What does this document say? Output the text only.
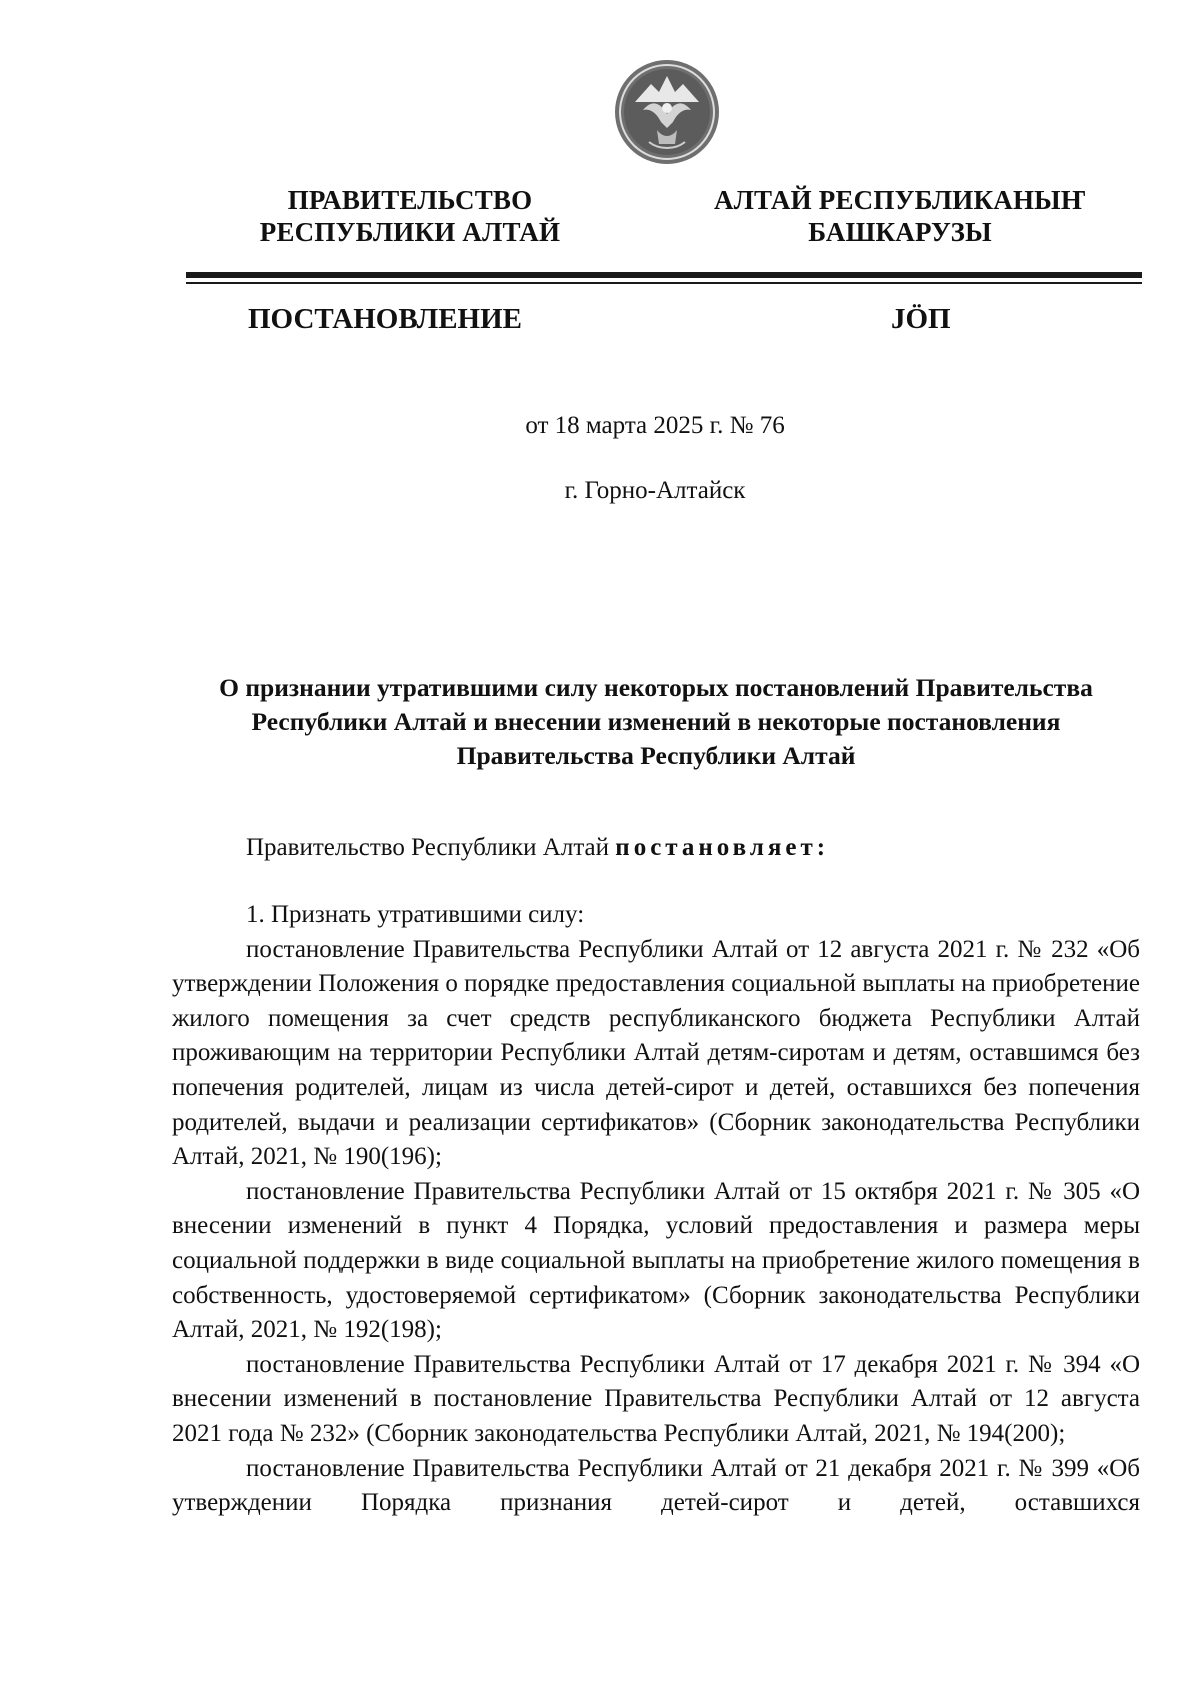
ПРАВИТЕЛЬСТВО
РЕСПУБЛИКИ АЛТАЙ
АЛТАЙ РЕСПУБЛИКАНЫҤ
БАШКАРУЗЫ
ПОСТАНОВЛЕНИЕ	JӦП
от 18 марта 2025 г. № 76
г. Горно-Алтайск
О признании утратившими силу некоторых постановлений Правительства
Республики Алтай и внесении изменений в некоторые постановления
Правительства Республики Алтай
Правительство Республики Алтай постановляет:

1. Признать утратившими силу:

постановление Правительства Республики Алтай от 12 августа 2021 г. № 232 «Об утверждении Положения о порядке предоставления социальной выплаты на приобретение жилого помещения за счет средств республиканского бюджета Республики Алтай проживающим на территории Республики Алтай детям-сиротам и детям, оставшимся без попечения родителей, лицам из числа детей-сирот и детей, оставшихся без попечения родителей, выдачи и реализации сертификатов» (Сборник законодательства Республики Алтай, 2021, № 190(196);

постановление Правительства Республики Алтай от 15 октября 2021 г. № 305 «О внесении изменений в пункт 4 Порядка, условий предоставления и размера меры социальной поддержки в виде социальной выплаты на приобретение жилого помещения в собственность, удостоверяемой сертификатом» (Сборник законодательства Республики Алтай, 2021, № 192(198);

постановление Правительства Республики Алтай от 17 декабря 2021 г. № 394 «О внесении изменений в постановление Правительства Республики Алтай от 12 августа 2021 года № 232» (Сборник законодательства Республики Алтай, 2021, № 194(200);

постановление Правительства Республики Алтай от 21 декабря 2021 г. № 399 «Об утверждении Порядка признания детей-сирот и детей, оставшихся
